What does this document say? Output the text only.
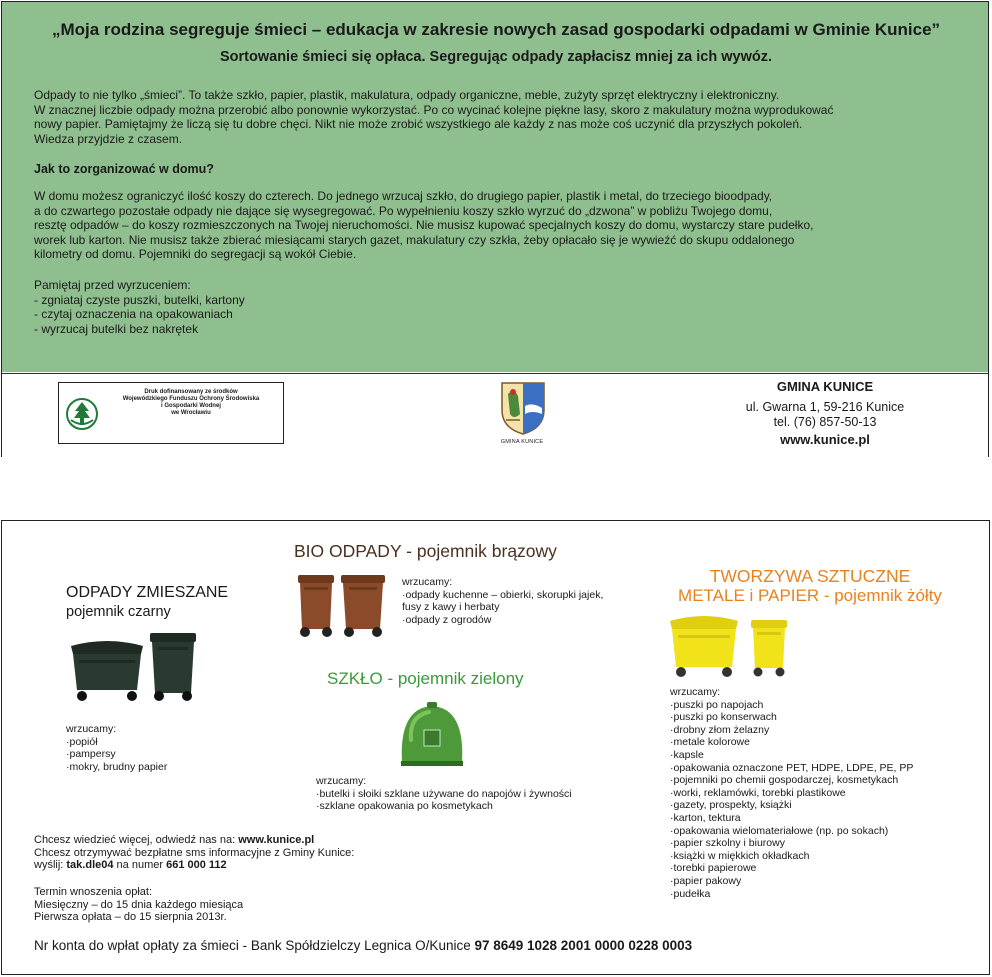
„Moja rodzina segreguje śmieci – edukacja w zakresie nowych zasad gospodarki odpadami w Gminie Kunice”
Sortowanie śmieci się opłaca. Segregując odpady zapłacisz mniej za ich wywóz.
Odpady to nie tylko „śmieci”. To także szkło, papier, plastik, makulatura, odpady organiczne, meble, zużyty sprzęt elektryczny i elektroniczny.
W znacznej liczbie odpady można przerobić albo ponownie wykorzystać. Po co wycinać kolejne piękne lasy, skoro z makulatury można wyprodukować
nowy papier. Pamiętajmy że liczą się tu dobre chęci. Nikt nie może zrobić wszystkiego ale każdy z nas może coś uczynić dla przyszłych pokoleń.
Wiedza przyjdzie z czasem.
Jak to zorganizować w domu?
W domu możesz ograniczyć ilość koszy do czterech. Do jednego wrzucaj szkło, do drugiego papier, plastik i metal, do trzeciego bioodpady,
a do czwartego pozostałe odpady nie dające się wysegregować. Po wypełnieniu koszy szkło wyrzuć do „dzwona” w pobliżu Twojego domu,
resztę odpadów – do koszy rozmieszczonych na Twojej nieruchomości. Nie musisz kupować specjalnych koszy do domu, wystarczy stare pudełko,
worek lub karton. Nie musisz także zbierać miesiącami starych gazet, makulatury czy szkła, żeby opłacało się je wywieźć do skupu oddalonego
kilometry od domu. Pojemniki do segregacji są wokół Ciebie.
Pamiętaj przed wyrzuceniem:
- zgniataj czyste puszki, butelki, kartony
- czytaj oznaczenia na opakowaniach
- wyrzucaj butelki bez nakrętek
Druk dofinansowany ze środków
Wojewódzkiego Funduszu Ochrony Środowiska
i Gospodarki Wodnej
we Wrocławiu
GMINA KUNICE
GMINA KUNICE
ul. Gwarna 1, 59-216 Kunice
tel. (76) 857-50-13
www.kunice.pl
BIO ODPADY - pojemnik brązowy
wrzucamy:
·odpady kuchenne – obierki, skorupki jajek,
fusy z kawy i herbaty
·odpady z ogrodów
ODPADY ZMIESZANE
pojemnik czarny
wrzucamy:
·popiół
·pampersy
·mokry, brudny papier
SZKŁO - pojemnik zielony
wrzucamy:
·butelki i słoiki szklane używane do napojów i żywności
·szklane opakowania po kosmetykach
TWORZYWA SZTUCZNE
METALE i PAPIER - pojemnik żółty
wrzucamy:
·puszki po napojach
·puszki po konserwach
·drobny złom żelazny
·metale kolorowe
·kapsle
·opakowania oznaczone PET, HDPE, LDPE, PE, PP
·pojemniki po chemii gospodarczej, kosmetykach
·worki, reklamówki, torebki plastikowe
·gazety, prospekty, książki
·karton, tektura
·opakowania wielomateriałowe (np. po sokach)
·papier szkolny i biurowy
·książki w miękkich okładkach
·torebki papierowe
·papier pakowy
·pudełka
Chcesz wiedzieć więcej, odwiedź nas na: www.kunice.pl
Chcesz otrzymywać bezpłatne sms informacyjne z Gminy Kunice:
wyślij: tak.dle04 na numer 661 000 112
Termin wnoszenia opłat:
Miesięczny – do 15 dnia każdego miesiąca
Pierwsza opłata – do 15 sierpnia 2013r.
Nr konta do wpłat opłaty za śmieci - Bank Spółdzielczy Legnica O/Kunice 97 8649 1028 2001 0000 0228 0003
